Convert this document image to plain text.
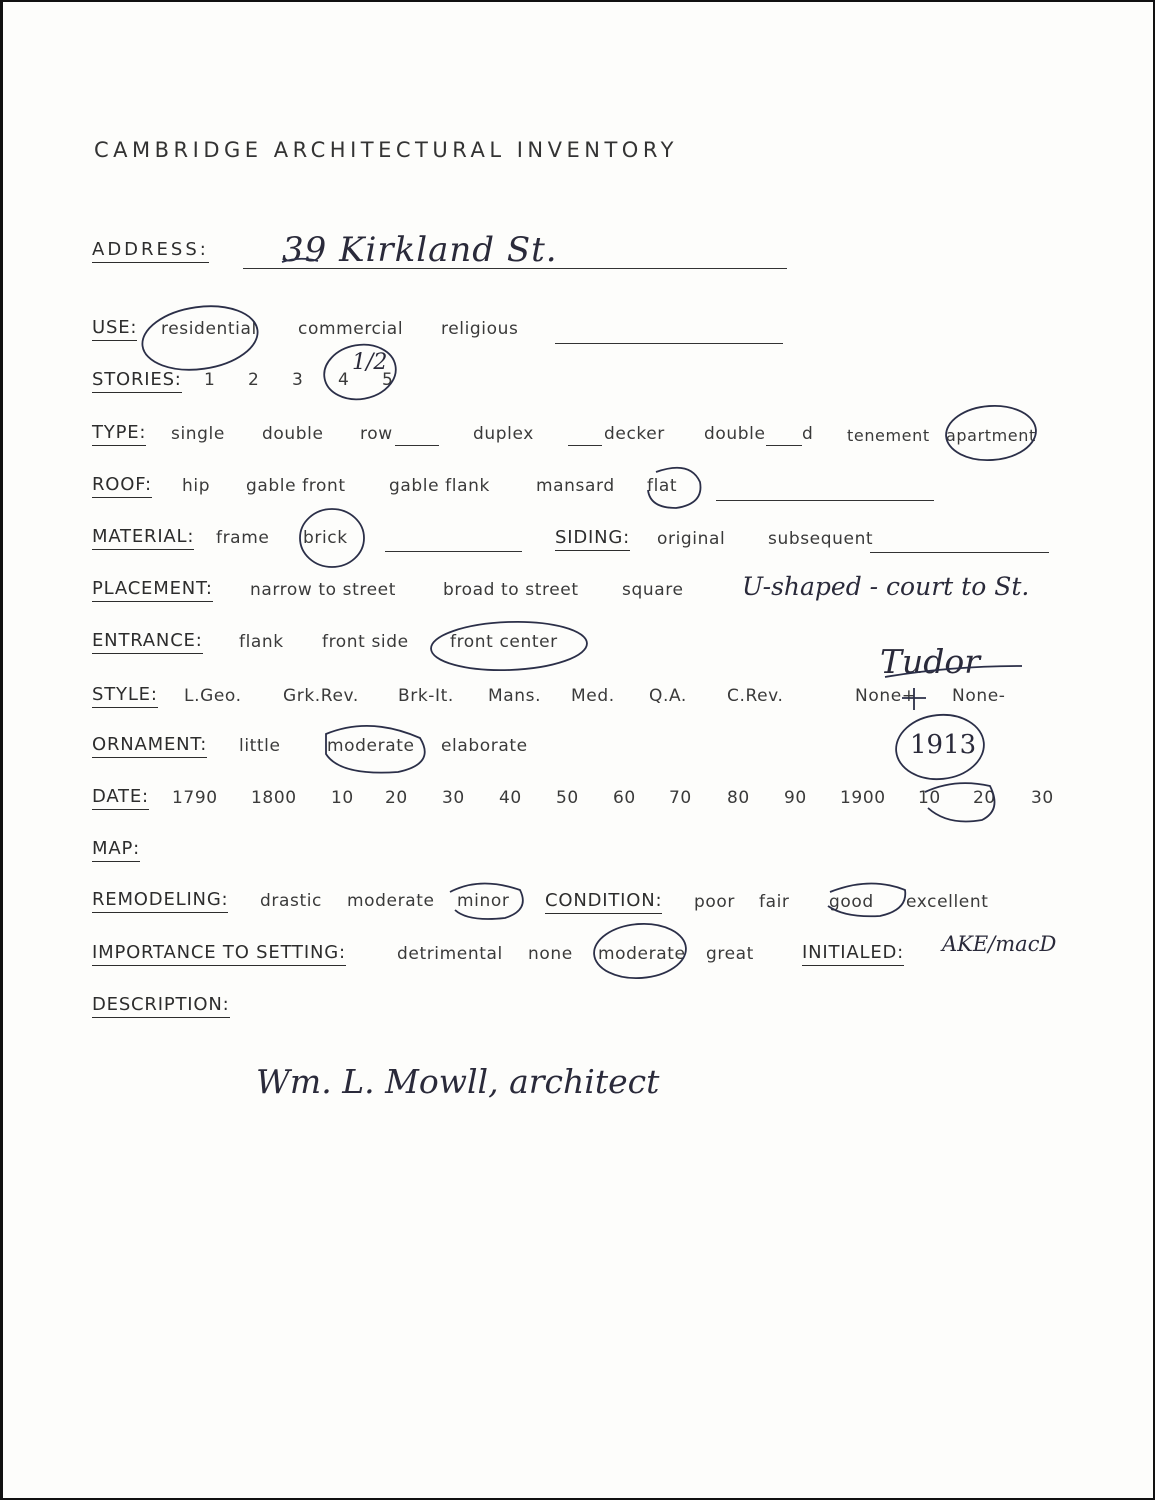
CAMBRIDGE ARCHITECTURAL INVENTORY
ADDRESS: 39 Kirkland St.
USE: residential commercial religious
STORIES: 1 2 3 4 5
1/2
TYPE: single double row	duplex	decker double d tenement apartment
ROOF: hip gable front	gable flank	mansard flat
MATERIAL: frame brick	SIDING: original	subsequent
PLACEMENT: narrow to street	broad to street	square U-shaped - court to St.
ENTRANCE: flank front side front center	Tudor
STYLE: L.Geo. Grk.Rev. Brk-It. Mans. Med. Q.A. C.Rev.	None+ None-
ORNAMENT: little	moderate elaborate	1913
DATE: 1790 1800 10 20 30 40 50 60 70 80 90 1900 10 20 30
MAP:
REMODELING: drastic moderate minor CONDITION: poor fair good excellent
IMPORTANCE TO SETTING:	detrimental none moderate great	INITIALED: AKE/macD
DESCRIPTION:
Wm. L. Mowll, architect
